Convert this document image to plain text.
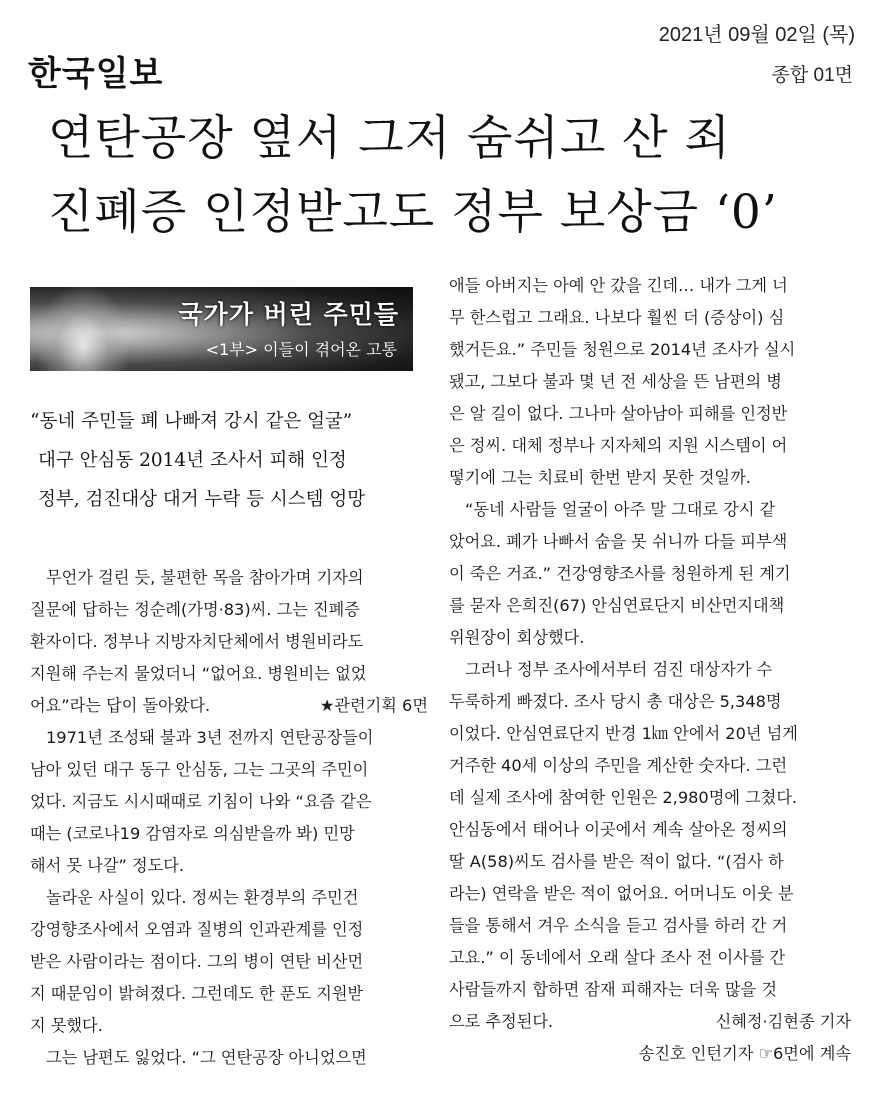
한국일보
2021년 09월 02일 (목)
종합 01면
연탄공장 옆서 그저 숨쉬고 산 죄
진폐증 인정받고도 정부 보상금 ‘0’
국가가 버린 주민들
<1부> 이들이 겪어온 고통
“동네 주민들 폐 나빠져 강시 같은 얼굴”
대구 안심동 2014년 조사서 피해 인정
정부, 검진대상 대거 누락 등 시스템 엉망
무언가 걸린 듯, 불편한 목을 참아가며 기자의
질문에 답하는 정순례(가명·83)씨. 그는 진폐증
환자이다. 정부나 지방자치단체에서 병원비라도
지원해 주는지 물었더니 “없어요. 병원비는 없었
어요”라는 답이 돌아왔다.	★관련기획 6면
1971년 조성돼 불과 3년 전까지 연탄공장들이
남아 있던 대구 동구 안심동, 그는 그곳의 주민이
었다. 지금도 시시때때로 기침이 나와 “요즘 같은
때는 (코로나19 감염자로 의심받을까 봐) 민망
해서 못 나갈” 정도다.
놀라운 사실이 있다. 정씨는 환경부의 주민건
강영향조사에서 오염과 질병의 인과관계를 인정
받은 사람이라는 점이다. 그의 병이 연탄 비산먼
지 때문임이 밝혀졌다. 그런데도 한 푼도 지원받
지 못했다.
그는 남편도 잃었다. “그 연탄공장 아니었으면
애들 아버지는 아예 안 갔을 긴데… 내가 그게 너
무 한스럽고 그래요. 나보다 훨씬 더 (증상이) 심
했거든요.” 주민들 청원으로 2014년 조사가 실시
됐고, 그보다 불과 몇 년 전 세상을 뜬 남편의 병
은 알 길이 없다. 그나마 살아남아 피해를 인정반
은 정씨. 대체 정부나 지자체의 지원 시스템이 어
떻기에 그는 치료비 한번 받지 못한 것일까.
“동네 사람들 얼굴이 아주 말 그대로 강시 같
았어요. 폐가 나빠서 숨을 못 쉬니까 다들 피부색
이 죽은 거죠.” 건강영향조사를 청원하게 된 계기
를 묻자 은희진(67) 안심연료단지 비산먼지대책
위원장이 회상했다.
그러나 정부 조사에서부터 검진 대상자가 수
두룩하게 빠졌다. 조사 당시 총 대상은 5,348명
이었다. 안심연료단지 반경 1㎞ 안에서 20년 넘게
거주한 40세 이상의 주민을 계산한 숫자다. 그런
데 실제 조사에 참여한 인원은 2,980명에 그쳤다.
안심동에서 태어나 이곳에서 계속 살아온 정씨의
딸 A(58)씨도 검사를 받은 적이 없다. “(검사 하
라는) 연락을 받은 적이 없어요. 어머니도 이웃 분
들을 통해서 겨우 소식을 듣고 검사를 하러 간 거
고요.” 이 동네에서 오래 살다 조사 전 이사를 간
사람들까지 합하면 잠재 피해자는 더욱 많을 것
으로 추정된다.	신혜정·김현종 기자
송진호 인턴기자 ☞6면에 계속
